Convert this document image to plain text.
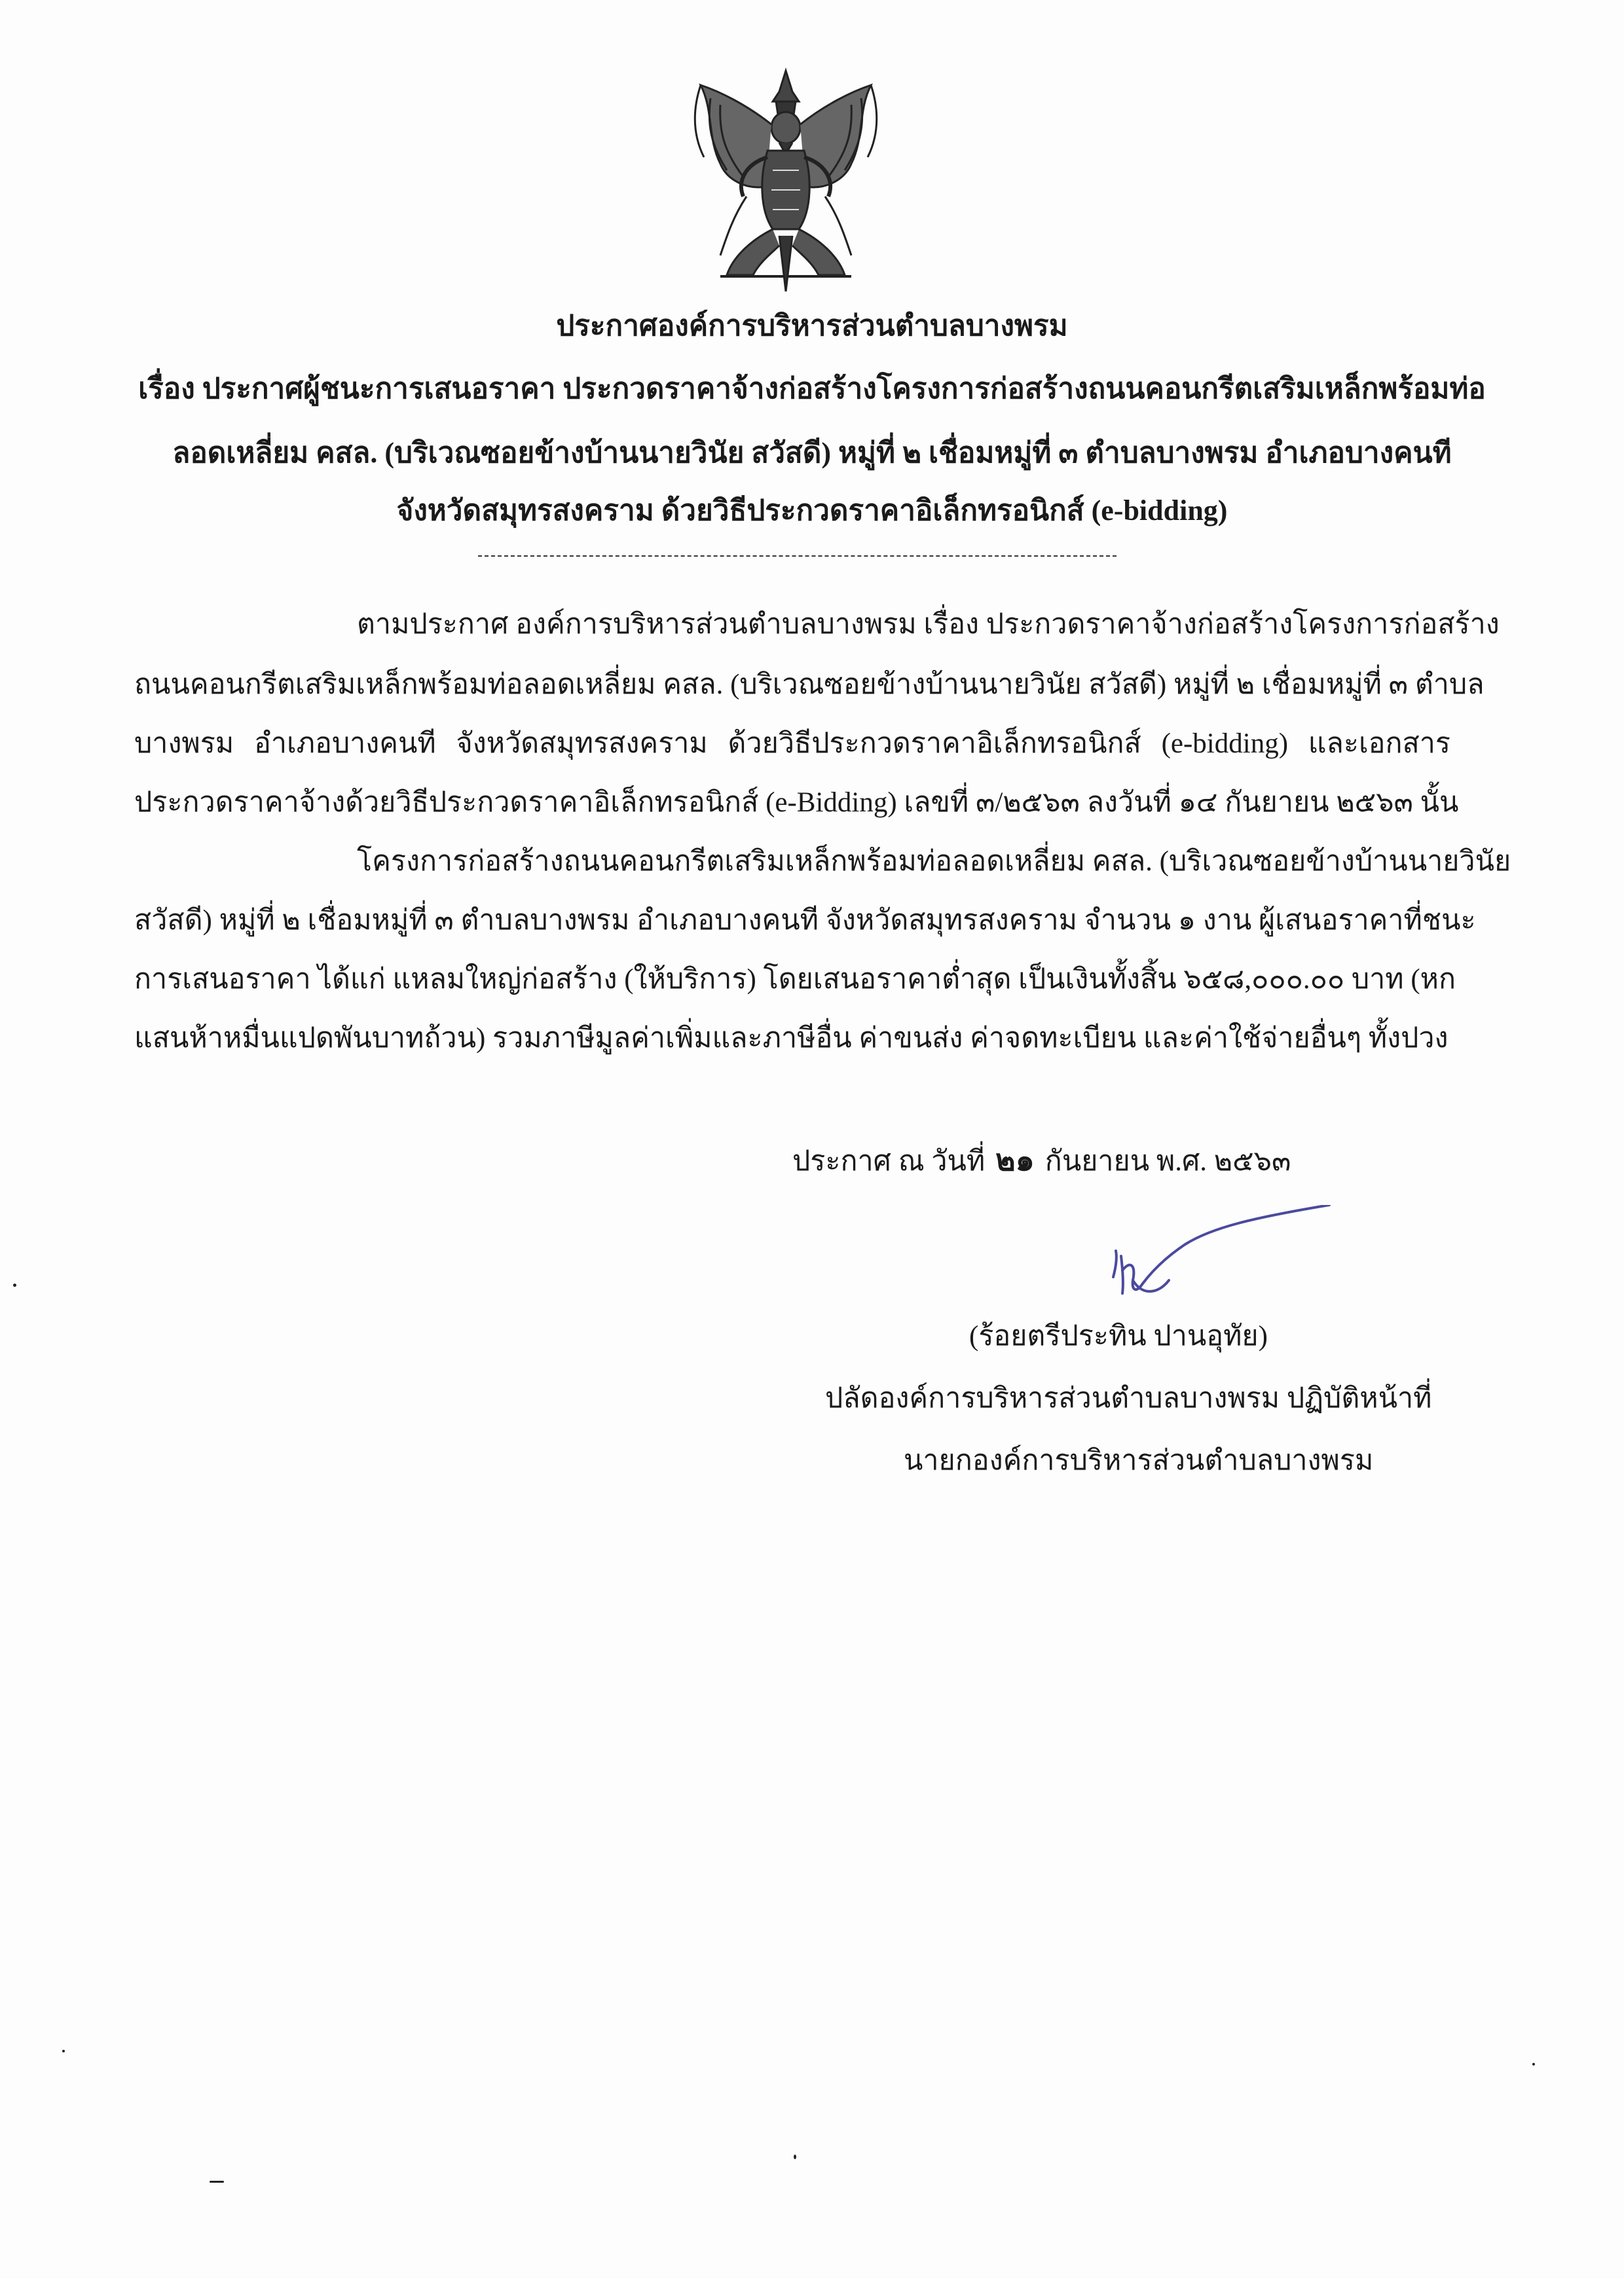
ประกาศองค์การบริหารส่วนตำบลบางพรม
เรื่อง ประกาศผู้ชนะการเสนอราคา ประกวดราคาจ้างก่อสร้างโครงการก่อสร้างถนนคอนกรีตเสริมเหล็กพร้อมท่อ
ลอดเหลี่ยม คสล. (บริเวณซอยข้างบ้านนายวินัย สวัสดี) หมู่ที่ ๒ เชื่อมหมู่ที่ ๓ ตำบลบางพรม อำเภอบางคนที
จังหวัดสมุทรสงคราม ด้วยวิธีประกวดราคาอิเล็กทรอนิกส์ (e-bidding)
ตามประกาศ องค์การบริหารส่วนตำบลบางพรม เรื่อง ประกวดราคาจ้างก่อสร้างโครงการก่อสร้าง
ถนนคอนกรีตเสริมเหล็กพร้อมท่อลอดเหลี่ยม คสล. (บริเวณซอยข้างบ้านนายวินัย สวัสดี) หมู่ที่ ๒ เชื่อมหมู่ที่ ๓ ตำบล
บางพรม อำเภอบางคนที จังหวัดสมุทรสงคราม ด้วยวิธีประกวดราคาอิเล็กทรอนิกส์ (e-bidding) และเอกสาร
ประกวดราคาจ้างด้วยวิธีประกวดราคาอิเล็กทรอนิกส์ (e-Bidding) เลขที่ ๓/๒๕๖๓ ลงวันที่ ๑๔ กันยายน ๒๕๖๓ นั้น
โครงการก่อสร้างถนนคอนกรีตเสริมเหล็กพร้อมท่อลอดเหลี่ยม คสล. (บริเวณซอยข้างบ้านนายวินัย
สวัสดี) หมู่ที่ ๒ เชื่อมหมู่ที่ ๓ ตำบลบางพรม อำเภอบางคนที จังหวัดสมุทรสงคราม จำนวน ๑ งาน ผู้เสนอราคาที่ชนะ
การเสนอราคา ได้แก่ แหลมใหญ่ก่อสร้าง (ให้บริการ) โดยเสนอราคาต่ำสุด เป็นเงินทั้งสิ้น ๖๕๘,๐๐๐.๐๐ บาท (หก
แสนห้าหมื่นแปดพันบาทถ้วน) รวมภาษีมูลค่าเพิ่มและภาษีอื่น ค่าขนส่ง ค่าจดทะเบียน และค่าใช้จ่ายอื่นๆ ทั้งปวง
ประกาศ ณ วันที่ ๒๑ กันยายน พ.ศ. ๒๕๖๓
(ร้อยตรีประทิน ปานอุทัย)
ปลัดองค์การบริหารส่วนตำบลบางพรม ปฏิบัติหน้าที่
นายกองค์การบริหารส่วนตำบลบางพรม
